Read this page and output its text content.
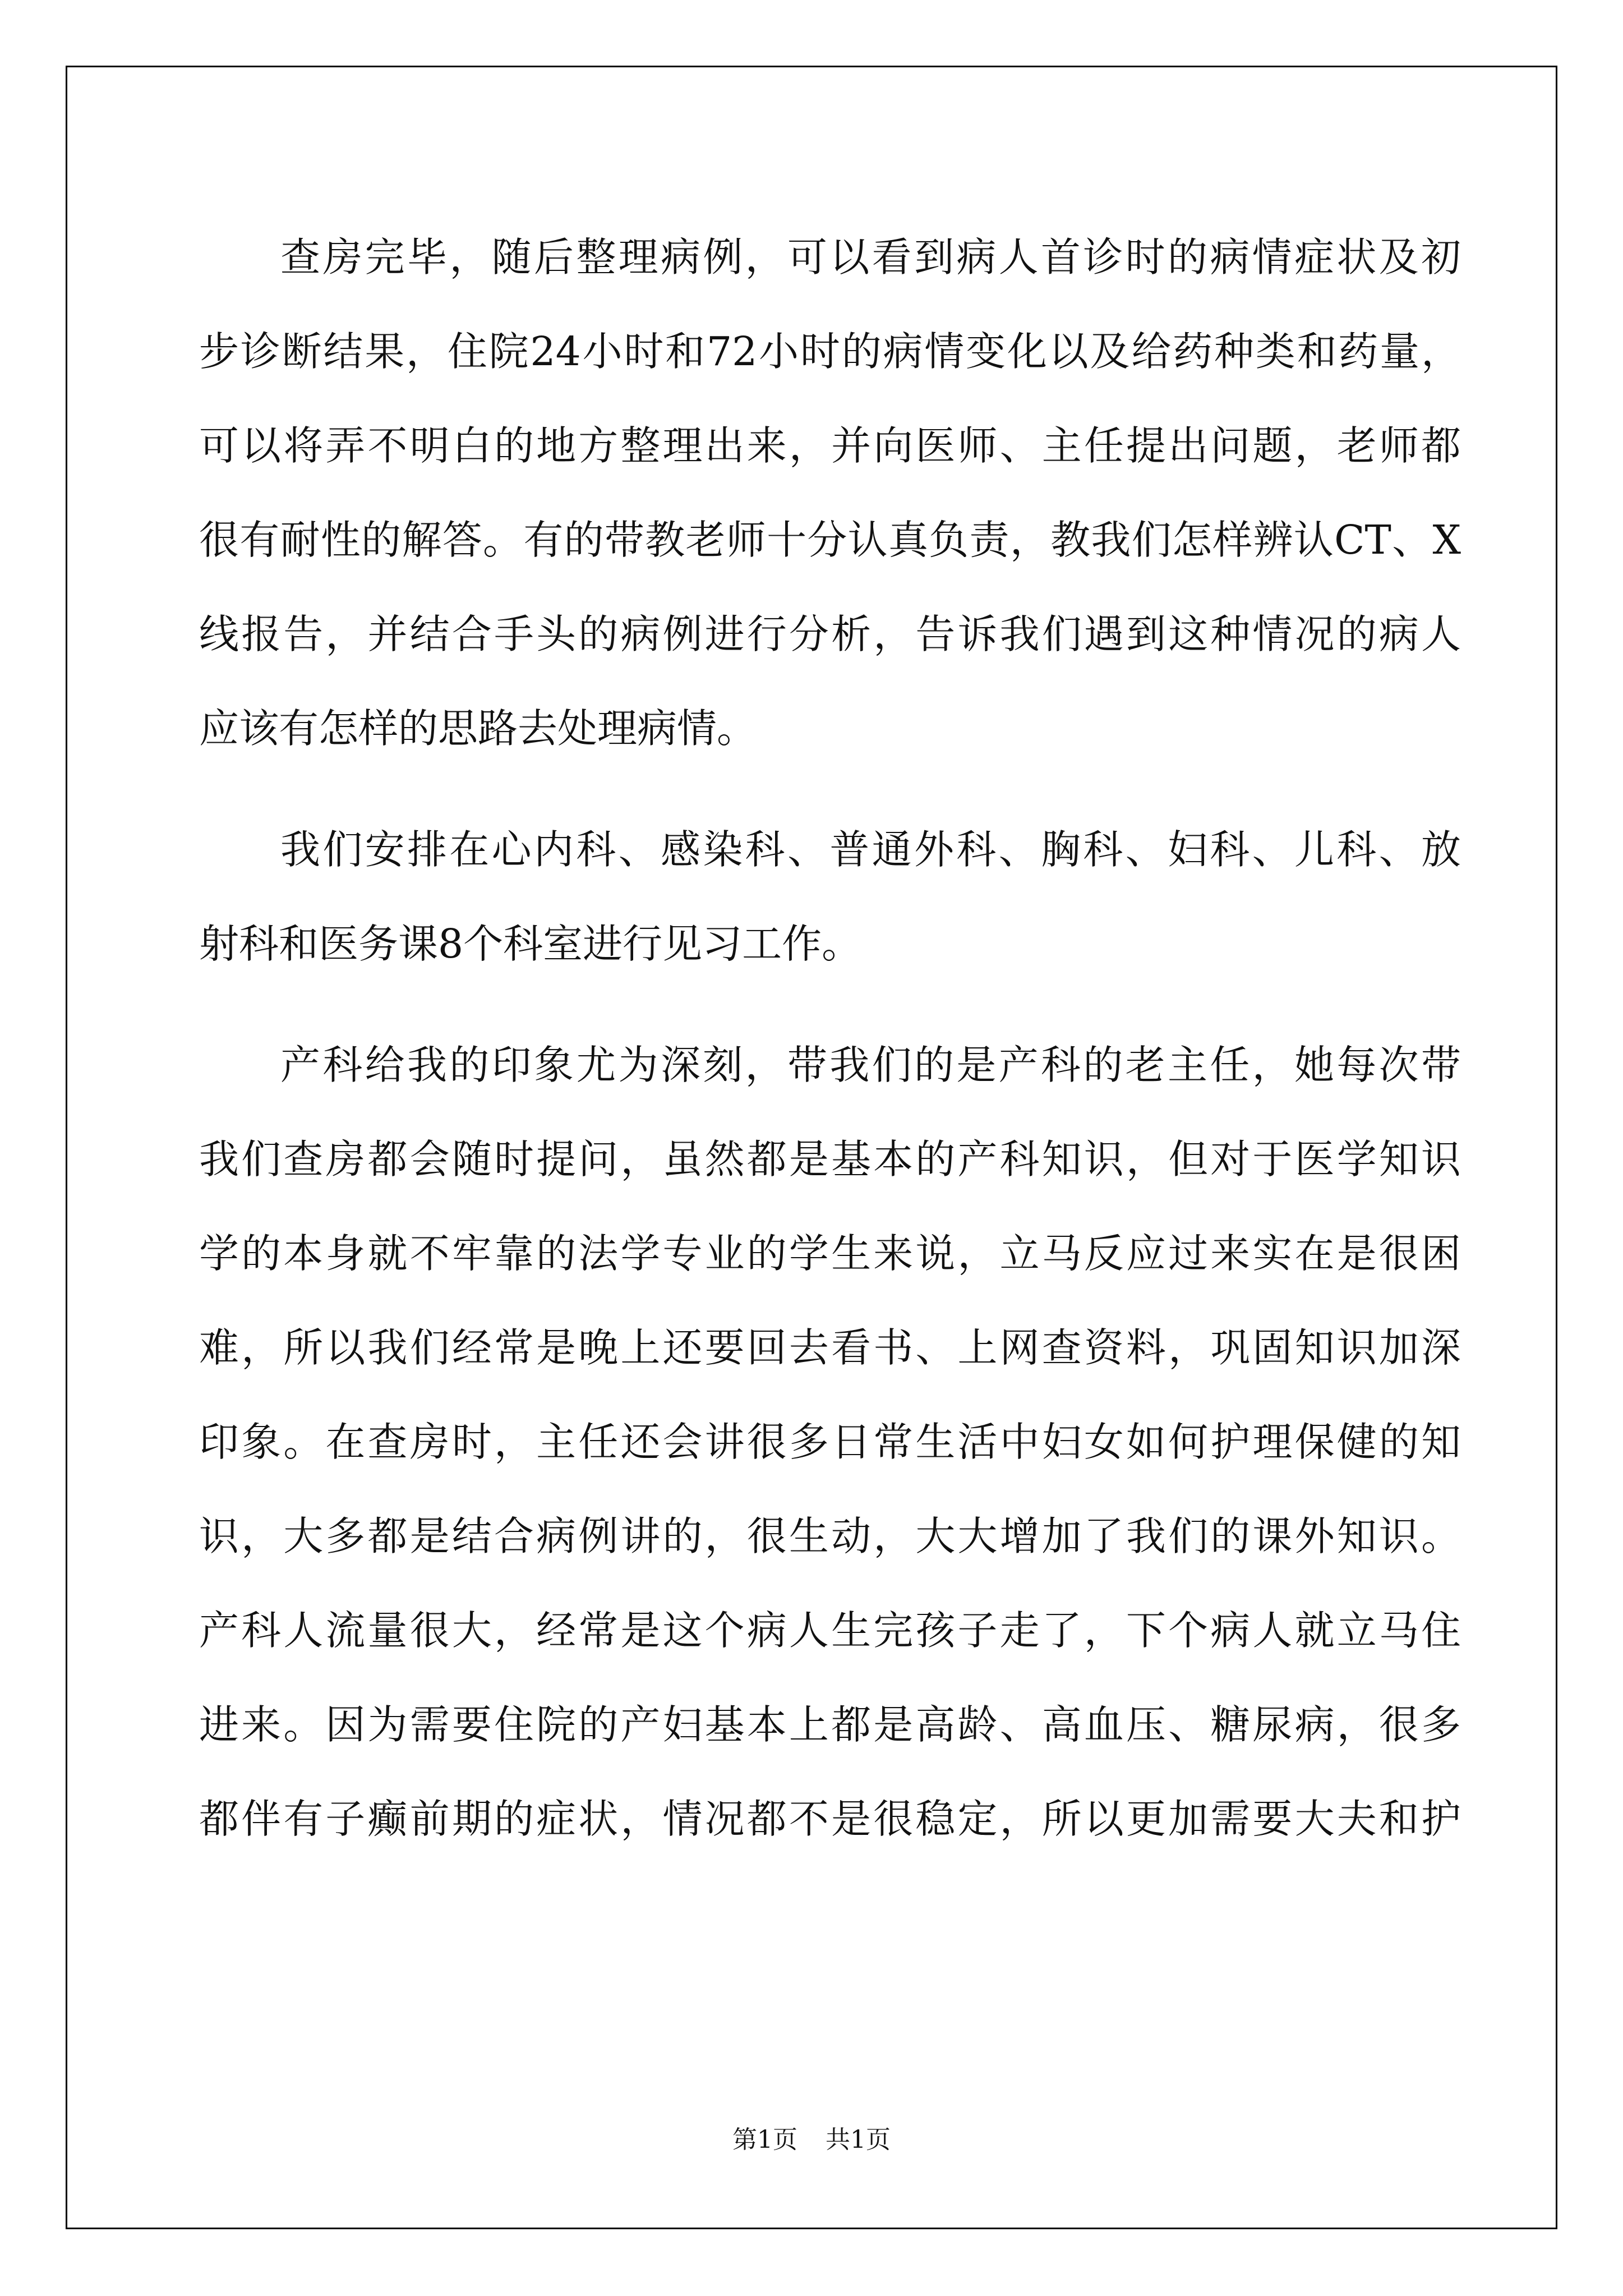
查房完毕，随后整理病例，可以看到病人首诊时的病情症状及初
步诊断结果，住院24小时和72小时的病情变化以及给药种类和药量，
可以将弄不明白的地方整理出来，并向医师、主任提出问题，老师都
很有耐性的解答。有的带教老师十分认真负责，教我们怎样辨认CT、X
线报告，并结合手头的病例进行分析，告诉我们遇到这种情况的病人
应该有怎样的思路去处理病情。
我们安排在心内科、感染科、普通外科、胸科、妇科、儿科、放
射科和医务课8个科室进行见习工作。
产科给我的印象尤为深刻，带我们的是产科的老主任，她每次带
我们查房都会随时提问，虽然都是基本的产科知识，但对于医学知识
学的本身就不牢靠的法学专业的学生来说，立马反应过来实在是很困
难，所以我们经常是晚上还要回去看书、上网查资料，巩固知识加深
印象。在查房时，主任还会讲很多日常生活中妇女如何护理保健的知
识，大多都是结合病例讲的，很生动，大大增加了我们的课外知识。
产科人流量很大，经常是这个病人生完孩子走了，下个病人就立马住
进来。因为需要住院的产妇基本上都是高龄、高血压、糖尿病，很多
都伴有子癫前期的症状，情况都不是很稳定，所以更加需要大夫和护
第1页 共1页
